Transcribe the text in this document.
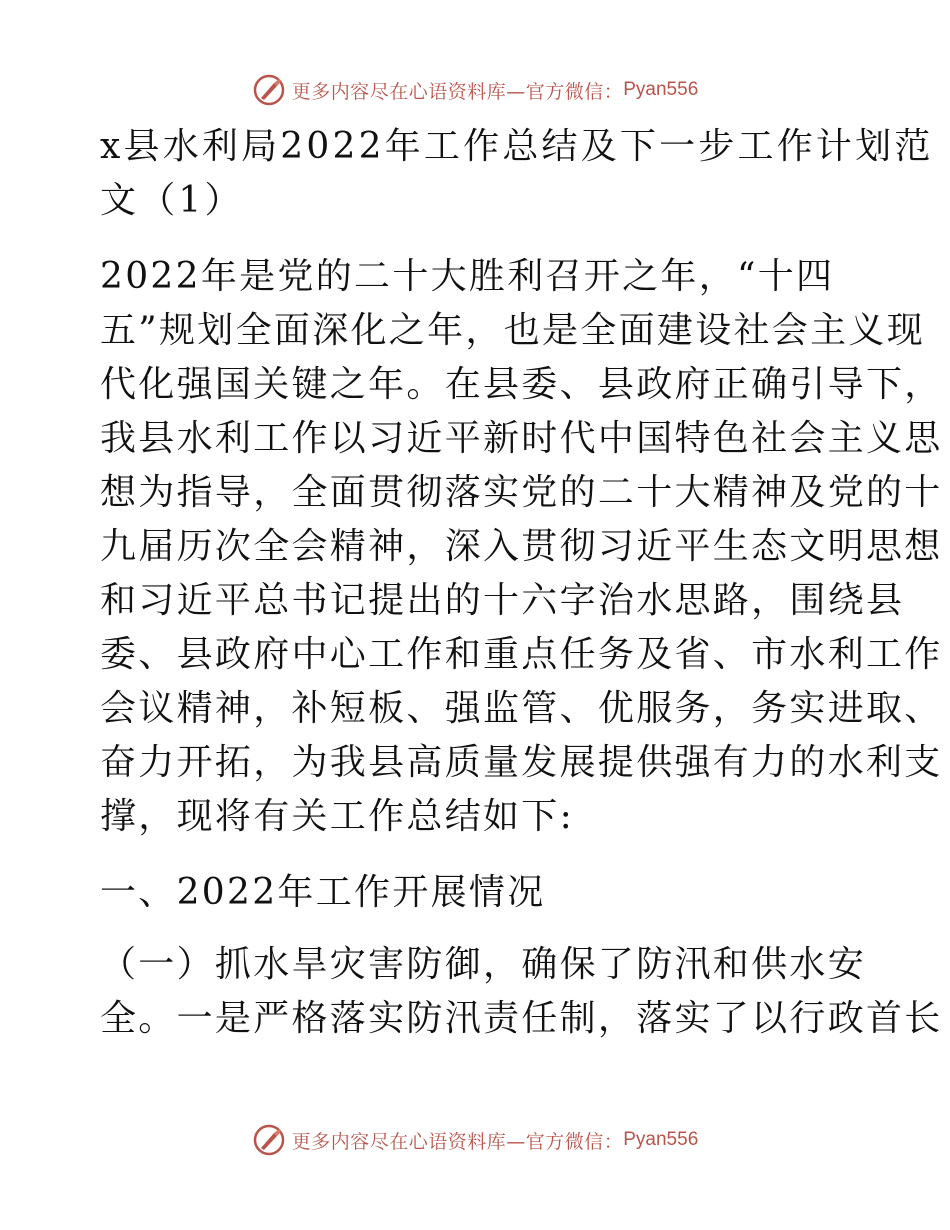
更多内容尽在心语资料库—官方微信： Pyan556
x县水利局2022年工作总结及下一步工作计划范
文（1）
2022年是党的二十大胜利召开之年，“十四
五”规划全面深化之年，也是全面建设社会主义现
代化强国关键之年。在县委、县政府正确引导下，
我县水利工作以习近平新时代中国特色社会主义思
想为指导，全面贯彻落实党的二十大精神及党的十
九届历次全会精神，深入贯彻习近平生态文明思想
和习近平总书记提出的十六字治水思路，围绕县
委、县政府中心工作和重点任务及省、市水利工作
会议精神，补短板、强监管、优服务，务实进取、
奋力开拓，为我县高质量发展提供强有力的水利支
撑，现将有关工作总结如下:
一、2022年工作开展情况
（一）抓水旱灾害防御，确保了防汛和供水安
全。一是严格落实防汛责任制，落实了以行政首长
更多内容尽在心语资料库—官方微信： Pyan556
